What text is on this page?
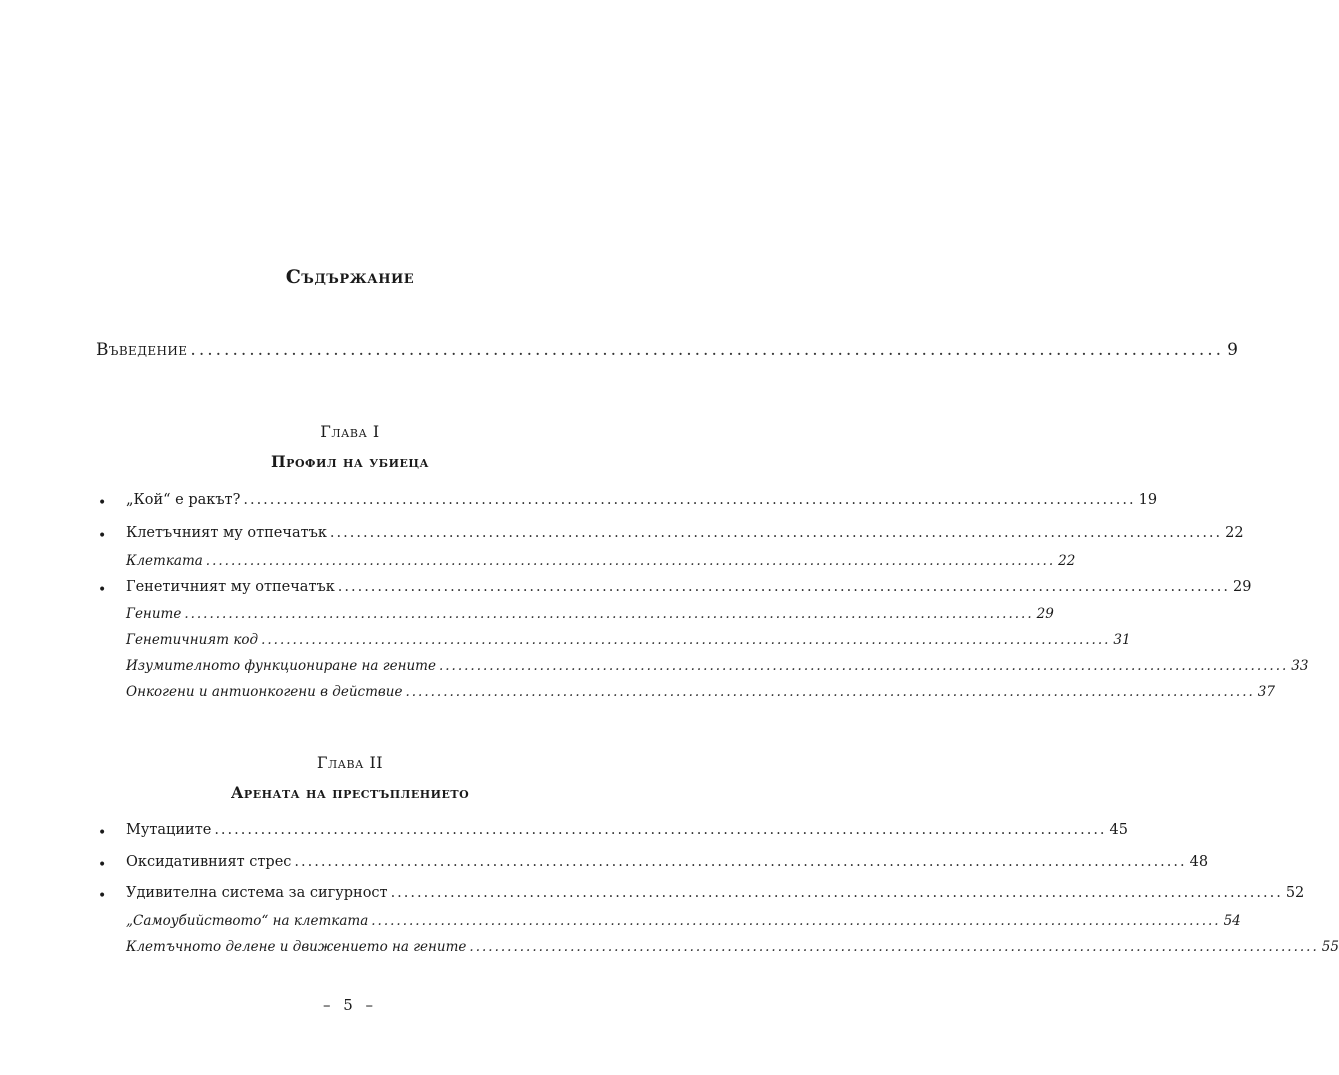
Съдържание
Въведение ........................................................................................................................... 9
Глава I
Профил на убиеца
• „Кой“ е ракът? ....................................................................................................................................... 19
• Клетъчният му отпечатък ....................................................................................................................................... 22
Клетката ....................................................................................................................................... 22
• Генетичният му отпечатък ....................................................................................................................................... 29
Гените ....................................................................................................................................... 29
Генетичният код ....................................................................................................................................... 31
Изумителното функциониране на гените ....................................................................................................................................... 33
Онкогени и антионкогени в действие ....................................................................................................................................... 37
Глава II
Арената на престъплението
• Мутациите ....................................................................................................................................... 45
• Оксидативният стрес ....................................................................................................................................... 48
• Удивителна система за сигурност ....................................................................................................................................... 52
„Самоубийството“ на клетката ....................................................................................................................................... 54
Клетъчното делене и движението на гените ....................................................................................................................................... 55
– 5 –
